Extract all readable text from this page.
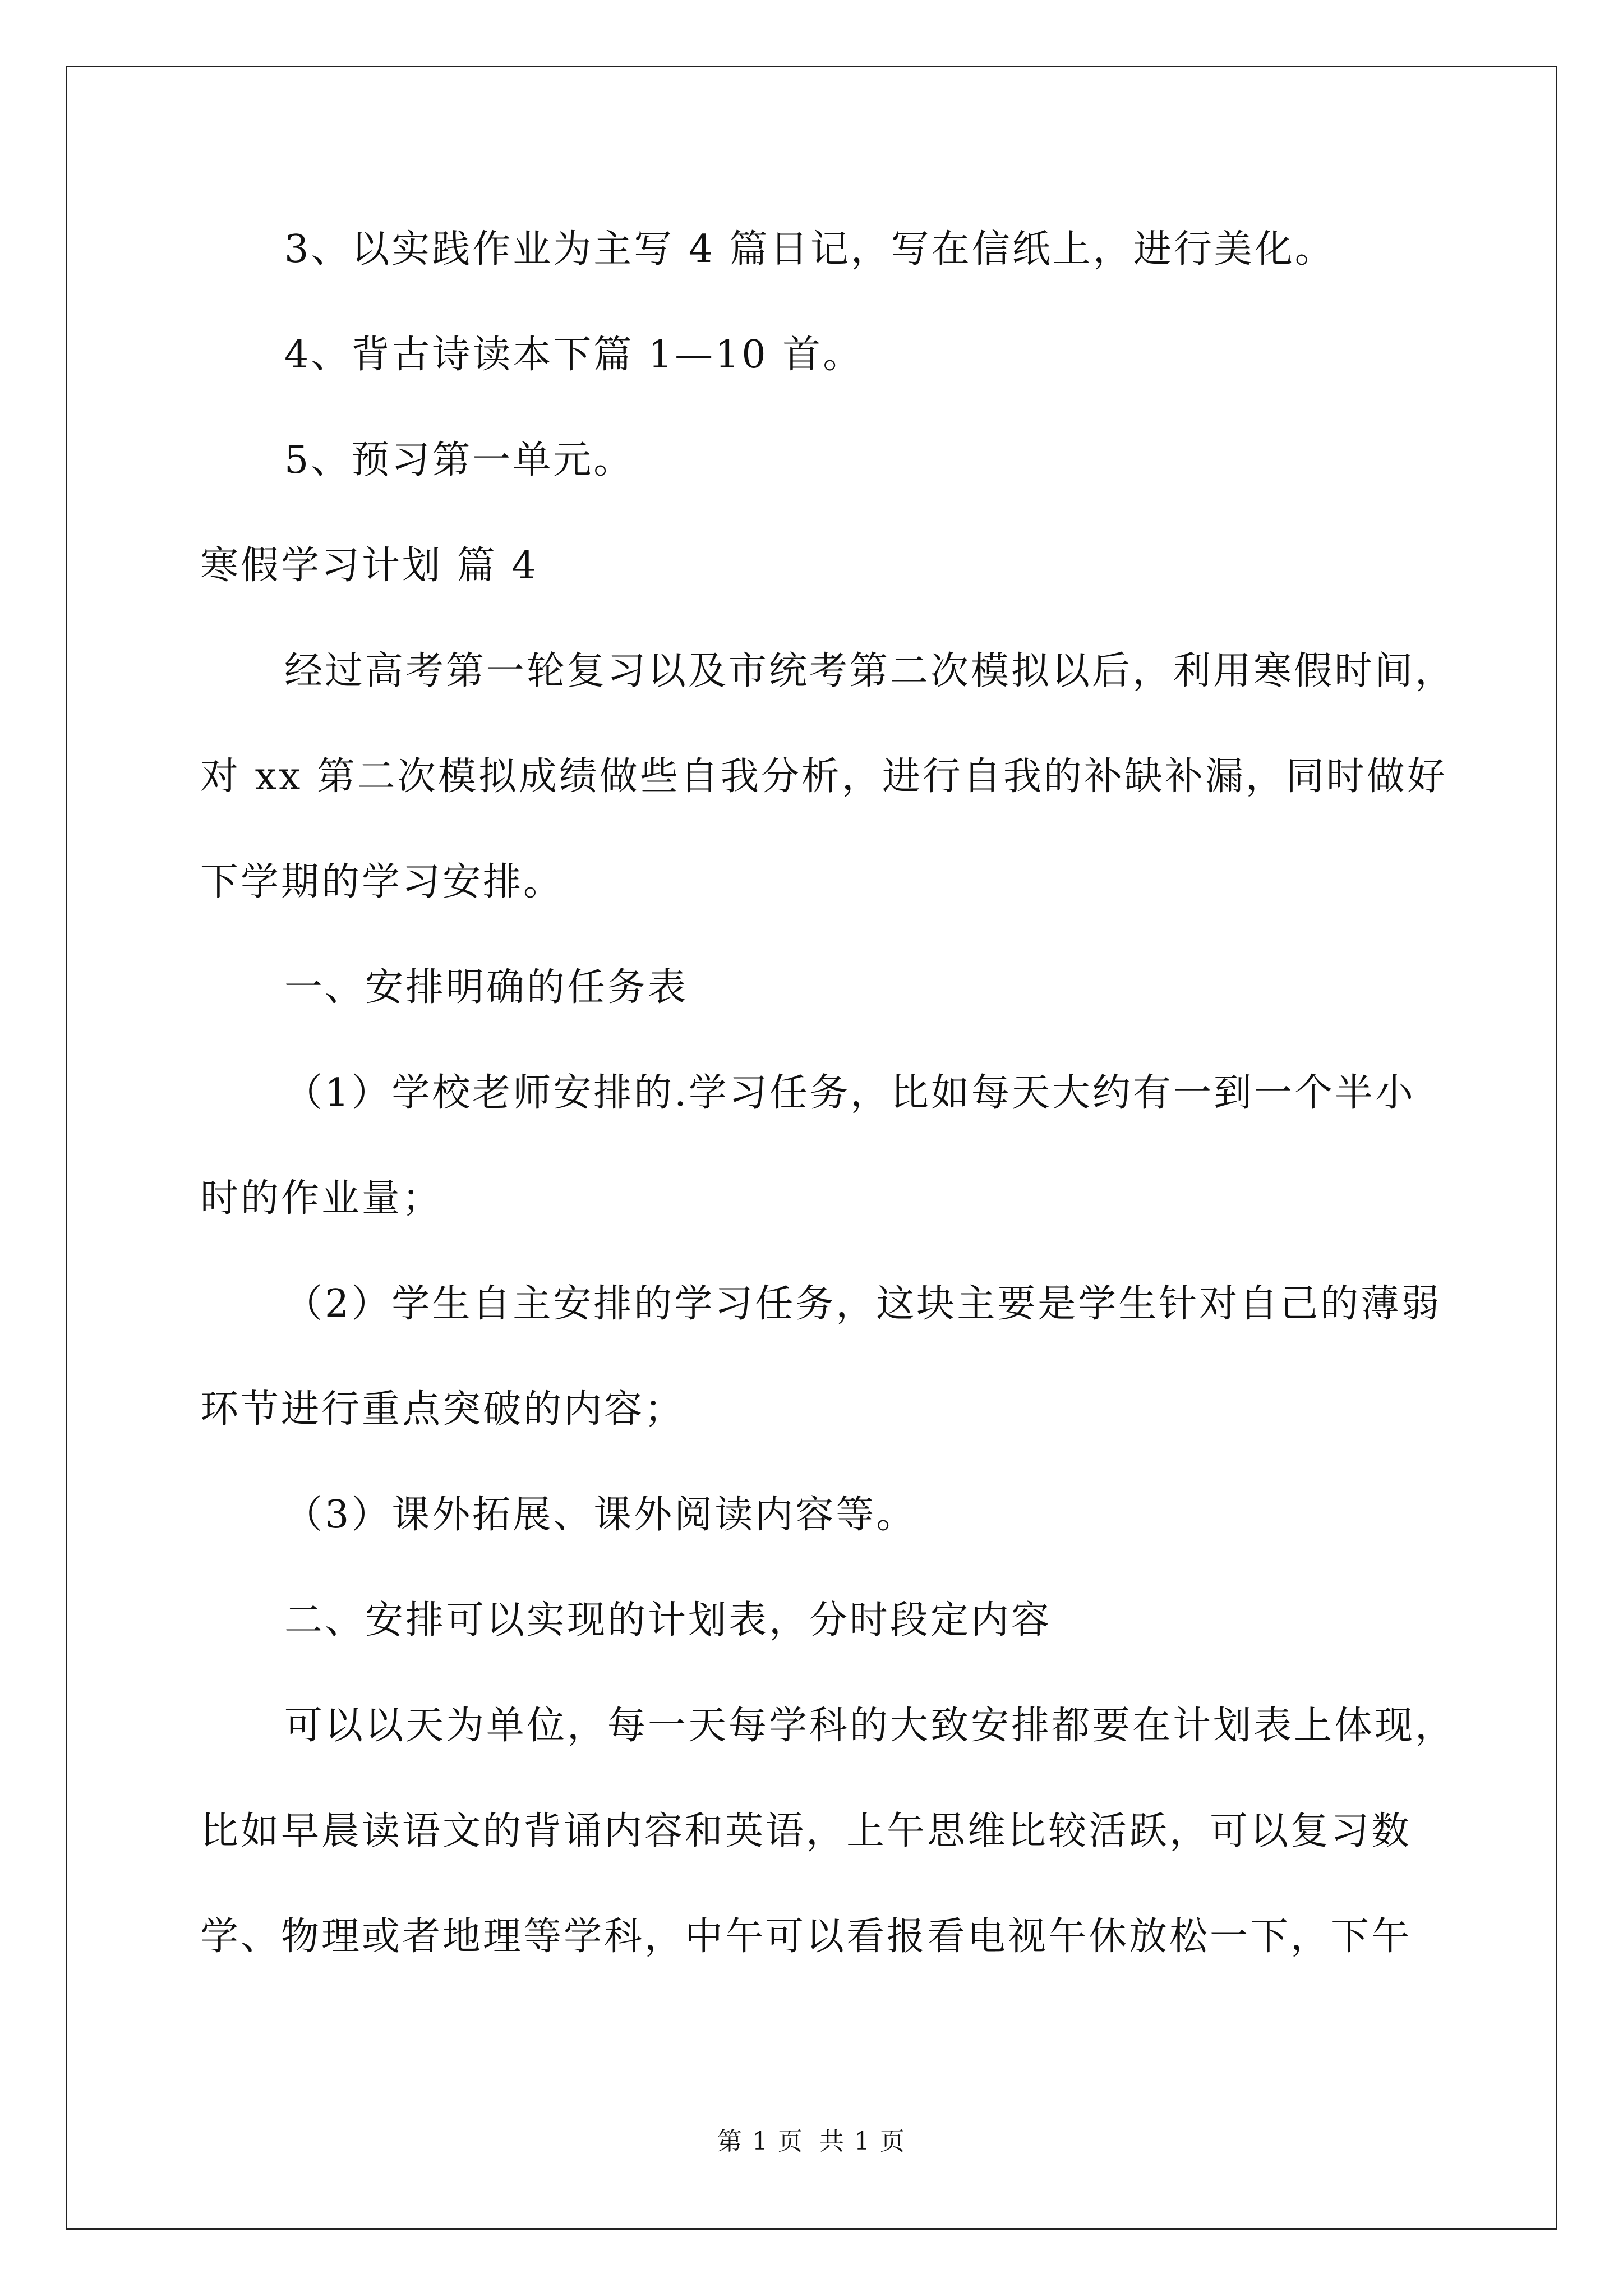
3、以实践作业为主写 4 篇日记，写在信纸上，进行美化。
4、背古诗读本下篇 1—10 首。
5、预习第一单元。
寒假学习计划 篇 4
经过高考第一轮复习以及市统考第二次模拟以后，利用寒假时间，
对 xx 第二次模拟成绩做些自我分析，进行自我的补缺补漏，同时做好
下学期的学习安排。
一、安排明确的任务表
（1）学校老师安排的.学习任务，比如每天大约有一到一个半小
时的作业量；
（2）学生自主安排的学习任务，这块主要是学生针对自己的薄弱
环节进行重点突破的内容；
（3）课外拓展、课外阅读内容等。
二、安排可以实现的计划表，分时段定内容
可以以天为单位，每一天每学科的大致安排都要在计划表上体现，
比如早晨读语文的背诵内容和英语，上午思维比较活跃，可以复习数
学、物理或者地理等学科，中午可以看报看电视午休放松一下，下午
第 1 页 共 1 页
